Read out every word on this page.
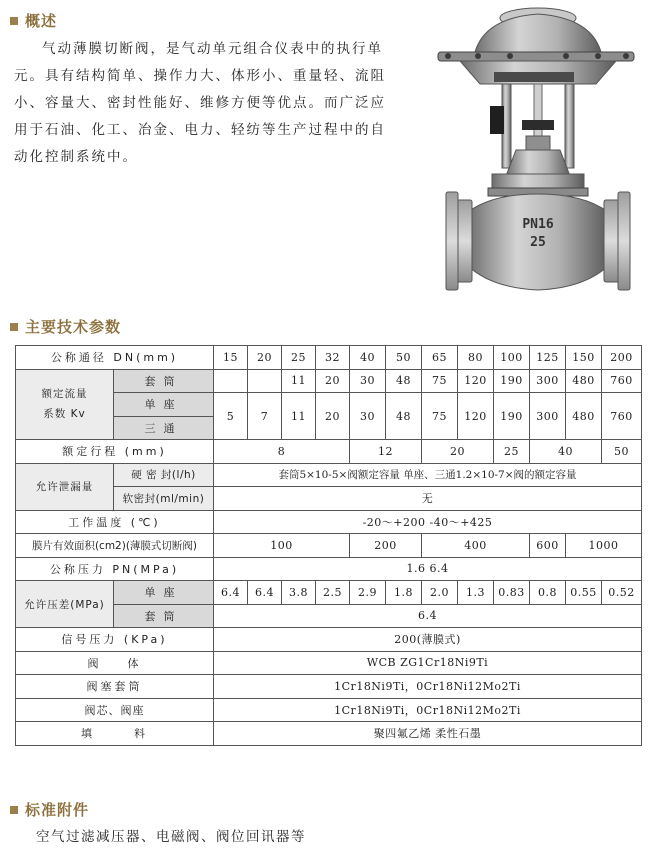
概述
气动薄膜切断阀，是气动单元组合仪表中的执行单元。具有结构简单、操作力大、体形小、重量轻、流阻小、容量大、密封性能好、维修方便等优点。而广泛应用于石油、化工、冶金、电力、轻纺等生产过程中的自动化控制系统中。
PN16
25
主要技术参数
公称通径 DN(mm)		15	20	25	32	40	50	65	80	100	125	150	200
额定流量
系数 Kv	套筒			11	20	30	48	75	120	190	300	480	760
	单座	5	7	11	20	30	48	75	120	190	300	480	760
	三通												
额定行程 (mm)		8				12		20		25	40		50
允许泄漏量	硬 密 封(l/h)	套筒5×10-5×阀额定容量 单座、三通1.2×10-7×阀的额定容量											
	软密封(ml/min)	无											
工作温度 (℃)		-20～+200 -40～+425											
膜片有效面积(cm2)(薄膜式切断阀)		100				200		400			600	1000	
公称压力 PN(MPa)		1.6 6.4											
允许压差(MPa)	单座	6.4	6.4	3.8	2.5	2.9	1.8	2.0	1.3	0.83	0.8	0.55	0.52
	套筒	6.4											
信号压力 (KPa)		200(薄膜式)											
阀    体		WCB ZG1Cr18Ni9Ti											
阀塞套筒		1Cr18Ni9Ti，0Cr18Ni12Mo2Ti											
阀芯、阀座		1Cr18Ni9Ti，0Cr18Ni12Mo2Ti											
填      料		聚四氟乙烯 柔性石墨											
标准附件
空气过滤减压器、电磁阀、阀位回讯器等
